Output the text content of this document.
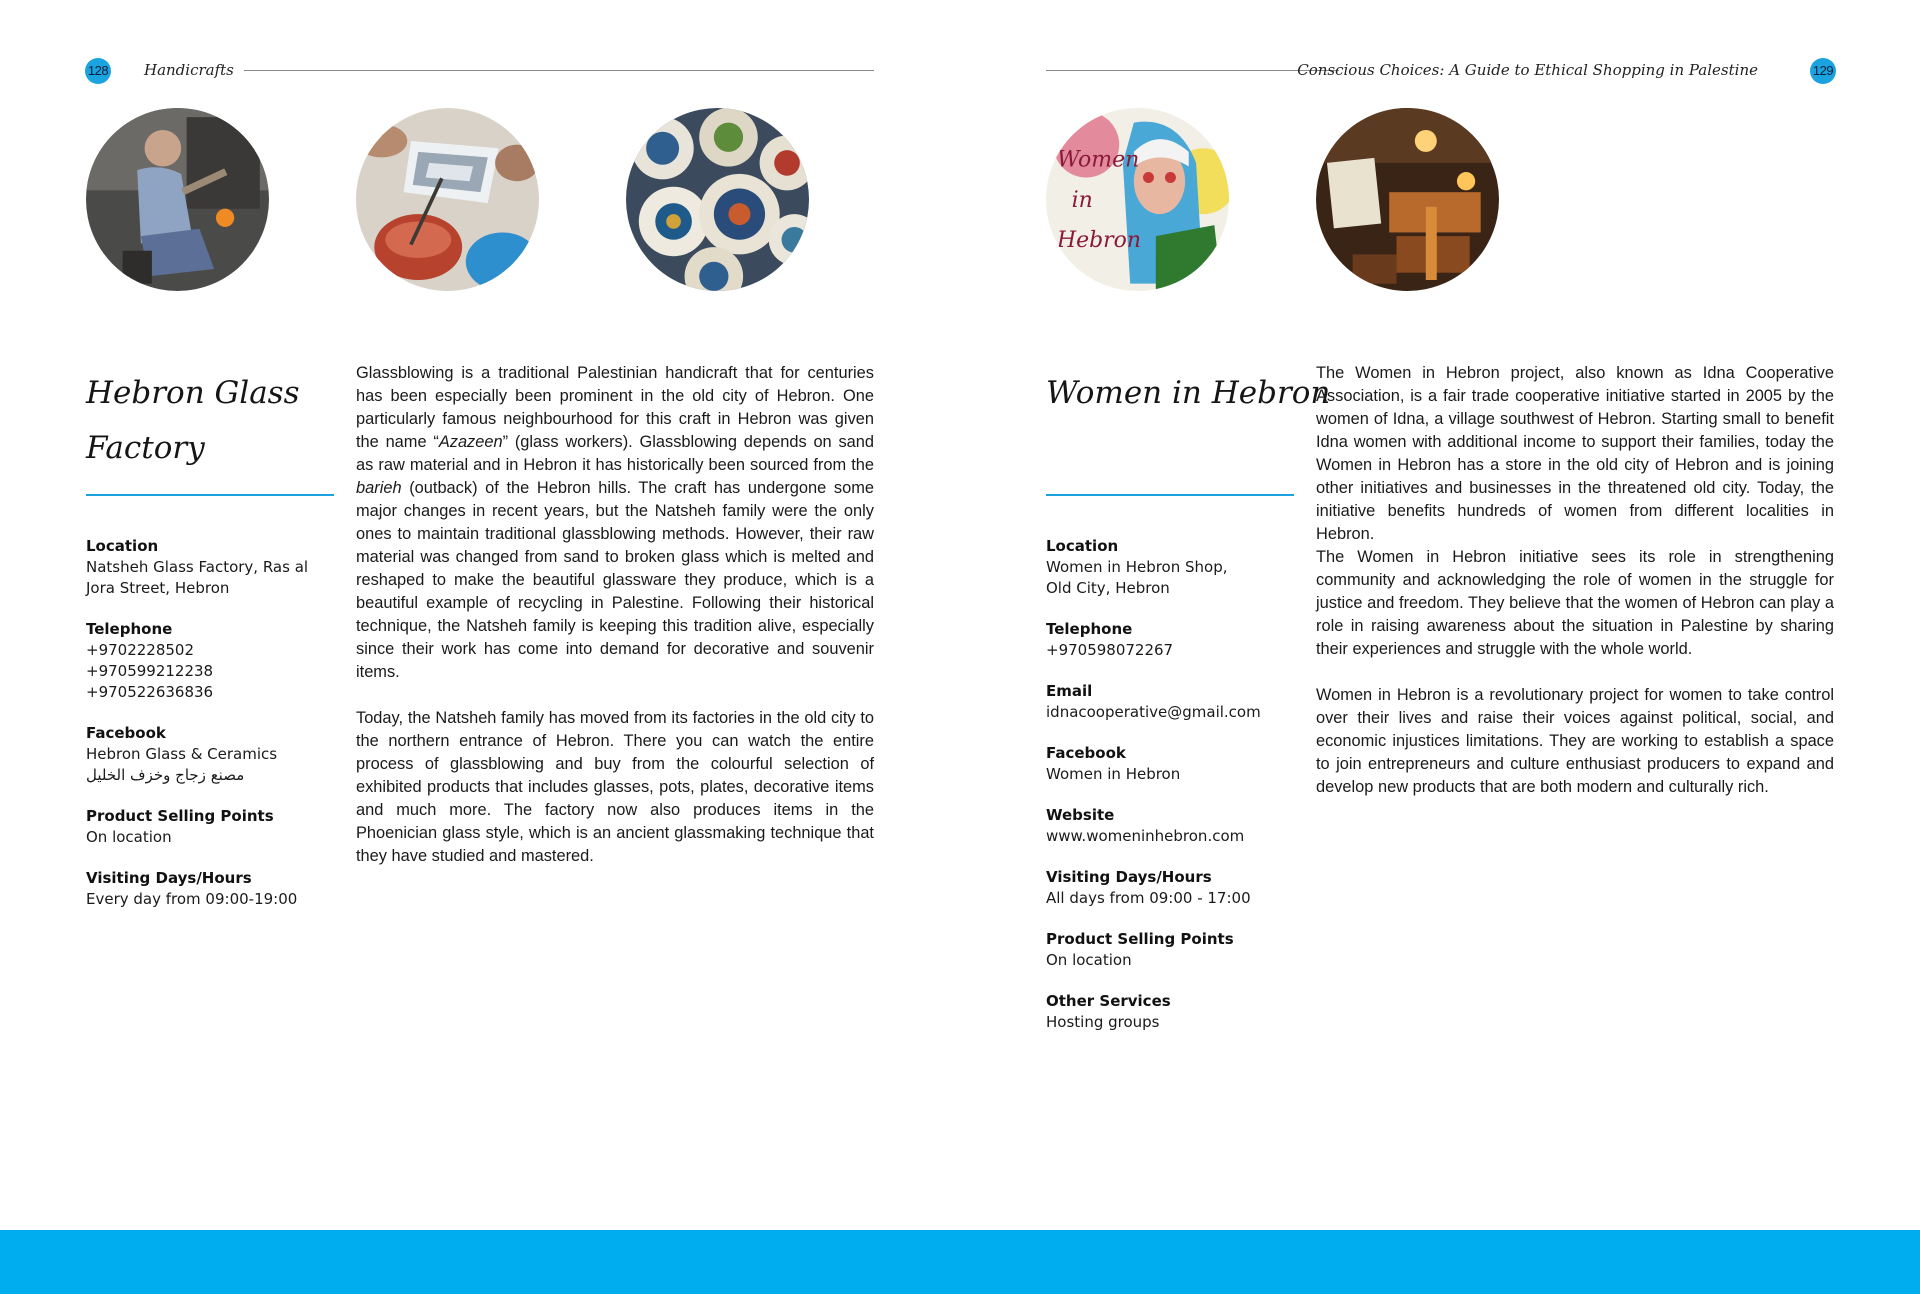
128 Handicrafts
Hebron Glass
Factory
Location
Natsheh Glass Factory, Ras al
Jora Street, Hebron
Telephone
+9702228502
+970599212238
+970522636836
Facebook
Hebron Glass & Ceramics
مصنع زجاج وخزف الخليل
Product Selling Points
On location
Visiting Days/Hours
Every day from 09:00-19:00

Glassblowing is a traditional Palestinian handicraft that for centuries has been especially been prominent in the old city of Hebron. One particularly famous neighbourhood for this craft in Hebron was given the name “Azazeen” (glass workers). Glassblowing depends on sand as raw material and in Hebron it has historically been sourced from the barieh (outback) of the Hebron hills. The craft has undergone some major changes in recent years, but the Natsheh family were the only ones to maintain traditional glassblowing methods. However, their raw material was changed from sand to broken glass which is melted and reshaped to make the beautiful glassware they produce, which is a beautiful example of recycling in Palestine. Following their historical technique, the Natsheh family is keeping this tradition alive, especially since their work has come into demand for decorative and souvenir items.

Today, the Natsheh family has moved from its factories in the old city to the northern entrance of Hebron. There you can watch the entire process of glassblowing and buy from the colourful selection of exhibited products that includes glasses, pots, plates, decorative items and much more. The factory now also produces items in the Phoenician glass style, which is an ancient glassmaking technique that they have studied and mastered.

Conscious Choices: A Guide to Ethical Shopping in Palestine	129
Women
in
Hebron
Women in Hebron
Location
Women in Hebron Shop,
Old City, Hebron
Telephone
+970598072267
Email
idnacooperative@gmail.com
Facebook
Women in Hebron
Website
www.womeninhebron.com
Visiting Days/Hours
All days from 09:00 - 17:00
Product Selling Points
On location
Other Services
Hosting groups

The Women in Hebron project, also known as Idna Cooperative Association, is a fair trade cooperative initiative started in 2005 by the women of Idna, a village southwest of Hebron. Starting small to benefit Idna women with additional income to support their families, today the Women in Hebron has a store in the old city of Hebron and is joining other initiatives and businesses in the threatened old city. Today, the initiative benefits hundreds of women from different localities in Hebron.

The Women in Hebron initiative sees its role in strengthening community and acknowledging the role of women in the struggle for justice and freedom. They believe that the women of Hebron can play a role in raising awareness about the situation in Palestine by sharing their experiences and struggle with the whole world.

Women in Hebron is a revolutionary project for women to take control over their lives and raise their voices against political, social, and economic injustices limitations. They are working to establish a space to join entrepreneurs and culture enthusiast producers to expand and develop new products that are both modern and culturally rich.
